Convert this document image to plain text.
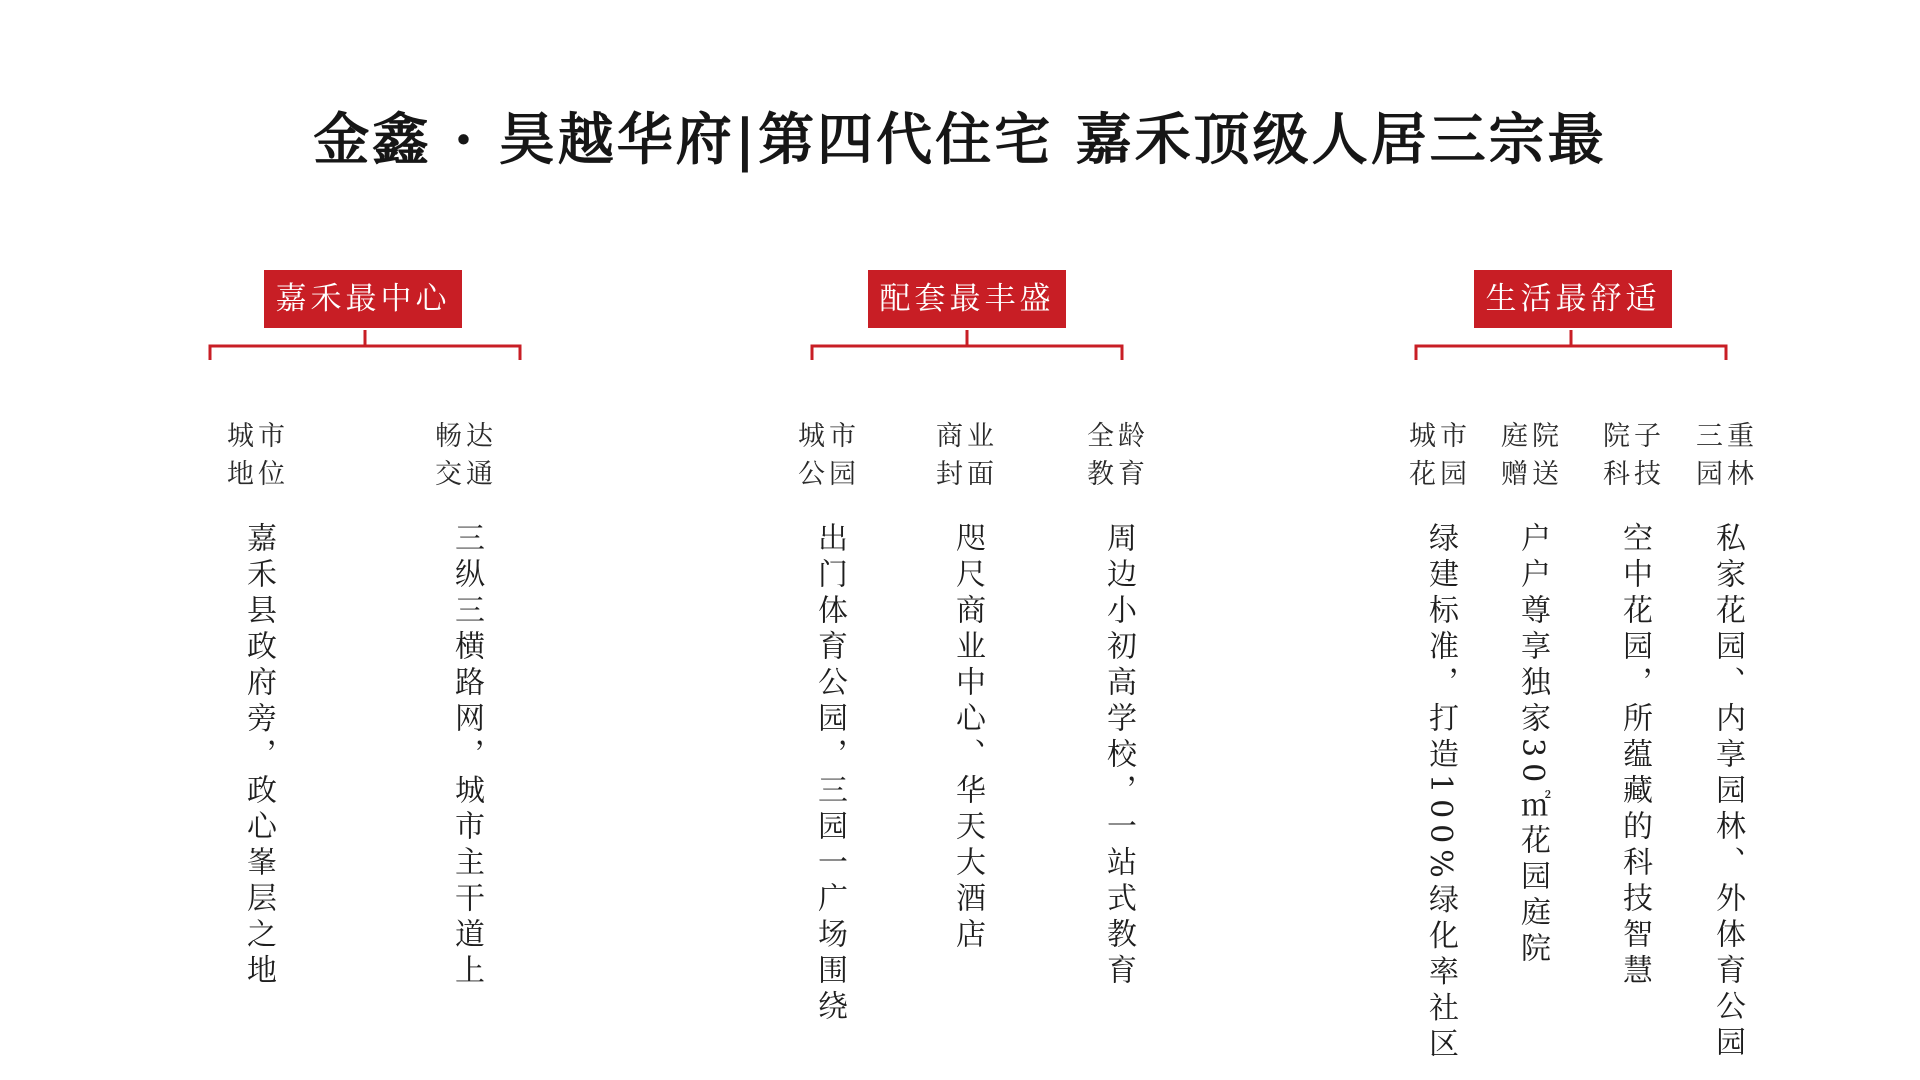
金鑫 · 昊越华府|第四代住宅 嘉禾顶级人居三宗最
嘉禾最中心
城市
地位
嘉禾县政府旁，政心峯层之地
畅达
交通
三纵三横路网，城市主干道上
配套最丰盛
城市
公园
出门体育公园，三园一广场围绕
商业
封面
咫尺商业中心、华天大酒店
全龄
教育
周边小初高学校，一站式教育
生活最舒适
城市
花园
绿建标准，打造100%绿化率社区
庭院
赠送
户户尊享独家30㎡花园庭院
院子
科技
空中花园，所蕴藏的科技智慧
三重
园林
私家花园、内享园林、外体育公园
